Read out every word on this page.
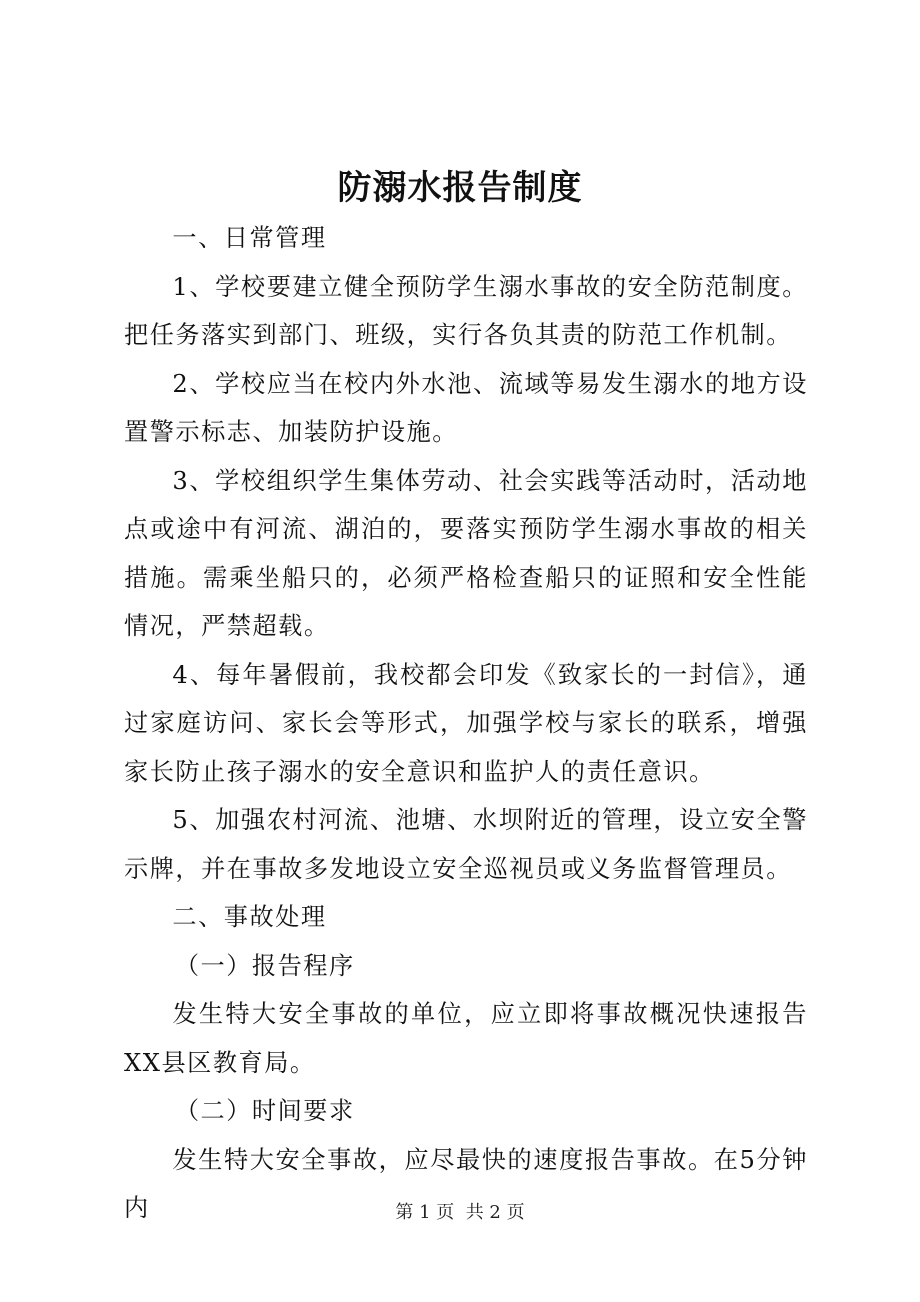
防溺水报告制度

一、日常管理

1、学校要建立健全预防学生溺水事故的安全防范制度。把任务落实到部门、班级，实行各负其责的防范工作机制。

2、学校应当在校内外水池、流域等易发生溺水的地方设置警示标志、加装防护设施。

3、学校组织学生集体劳动、社会实践等活动时，活动地点或途中有河流、湖泊的，要落实预防学生溺水事故的相关措施。需乘坐船只的，必须严格检查船只的证照和安全性能情况，严禁超载。

4、每年暑假前，我校都会印发《致家长的一封信》，通过家庭访问、家长会等形式，加强学校与家长的联系，增强家长防止孩子溺水的安全意识和监护人的责任意识。

5、加强农村河流、池塘、水坝附近的管理，设立安全警示牌，并在事故多发地设立安全巡视员或义务监督管理员。

二、事故处理

（一）报告程序

发生特大安全事故的单位，应立即将事故概况快速报告XX县区教育局。

（二）时间要求

发生特大安全事故，应尽最快的速度报告事故。在5分钟内	第 1 页  共 2 页
